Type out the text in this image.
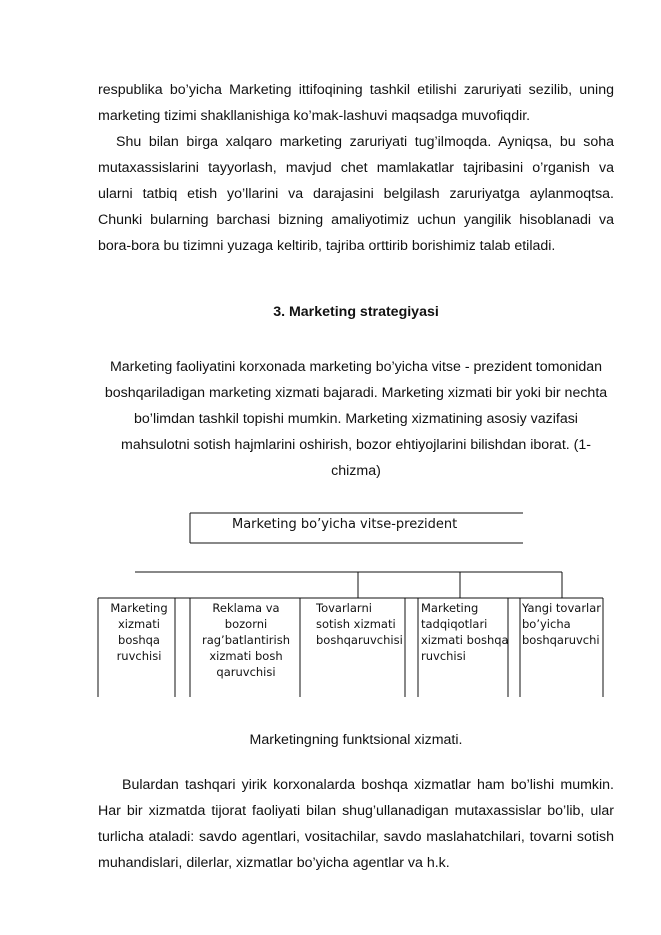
respublika bo’yicha Marketing ittifoqining tashkil etilishi zaruriyati sezilib, uning marketing tizimi shakllanishiga ko’mak-lashuvi maqsadga muvofiqdir.

Shu bilan birga xalqaro marketing zaruriyati tug’ilmoqda. Ayniqsa, bu soha mutaxassislarini tayyorlash, mavjud chet mamlakatlar tajribasini o’rganish va ularni tatbiq etish yo’llarini va darajasini belgilash zaruriyatga aylanmoqtsa. Chunki bularning barchasi bizning amaliyotimiz uchun yangilik hisoblanadi va bora-bora bu tizimni yuzaga keltirib, tajriba orttirib borishimiz talab etiladi.

3. Marketing strategiyasi

Marketing faoliyatini korxonada marketing bo’yicha vitse - prezident tomonidan boshqariladigan marketing xizmati bajaradi. Marketing xizmati bir yoki bir nechta bo’limdan tashkil topishi mumkin. Marketing xizmatining asosiy vazifasi mahsulotni sotish hajmlarini oshirish, bozor ehtiyojlarini bilishdan iborat. (1-chizma)

Marketing bo’yicha vitse-prezident
Marketing
xizmati
boshqa
ruvchisi
Reklama va bozorni
rag’batlantirish
xizmati bosh
qaruvchisi
Tovarlarni
sotish xizmati
boshqaruvchisi
Marketing
tadqiqotlari
xizmati boshqa
ruvchisi
Yangi tovarlar
bo’yicha
boshqaruvchi
Marketingning funktsional xizmati.

Bulardan tashqari yirik korxonalarda boshqa xizmatlar ham bo’lishi mumkin. Har bir xizmatda tijorat faoliyati bilan shug’ullanadigan mutaxassislar bo’lib, ular turlicha ataladi: savdo agentlari, vositachilar, savdo maslahatchilari, tovarni sotish muhandislari, dilerlar, xizmatlar bo’yicha agentlar va h.k.
